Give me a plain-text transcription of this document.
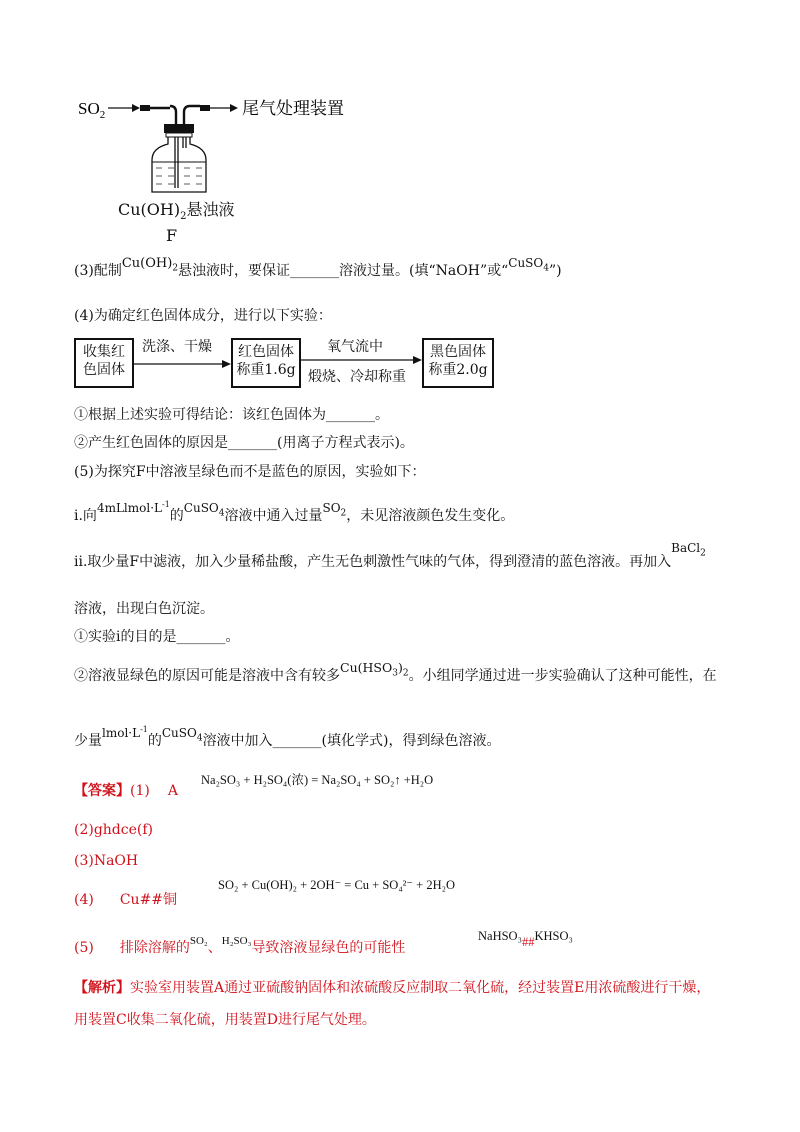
$SO_2$	尾气处理装置
$Cu(OH)_2$悬浊液
F
(3)配制$Cu(OH)_2$悬浊液时，要保证_______溶液过量。(填“NaOH”或“CuSO$_4$”)
(4)为确定红色固体成分，进行以下实验：
收集红
色固体
洗涤、干燥	红色固体
称重1.6g
氧气流中
煅烧、冷却称重
黑色固体
称重2.0g
①根据上述实验可得结论：该红色固体为_______。
②产生红色固体的原因是_______(用离子方程式表示)。
(5)为探究F中溶液呈绿色而不是蓝色的原因，实验如下：
ⅰ.向$4mLlmol\cdot L^{-1}$的CuSO$_4$溶液中通入过量$SO_2$，未见溶液颜色发生变化。
ⅱ.取少量F中滤液，加入少量稀盐酸，产生无色刺激性气味的气体，得到澄清的蓝色溶液。再加入BaCl$_2$
溶液，出现白色沉淀。
①实验ⅰ的目的是_______。
②溶液显绿色的原因可能是溶液中含有较多$Cu(HSO_3)_2$。小组同学通过进一步实验确认了这种可能性，在
少量$lmol\cdot L^{-1}$的CuSO$_4$溶液中加入_______(填化学式)，得到绿色溶液。
【答案】(1) A
Na₂SO₃ + H₂SO₄(浓) = Na₂SO₄ + SO₂↑ +H₂O
(2)ghdce(f)
(3)NaOH
(4) Cu##铜
SO₂ + Cu(OH)₂ + 2OH⁻ = Cu + SO₄²⁻ + 2H₂O
(5) 排除溶解的$^{SO_2}$、$^{H_2SO_3}$导致溶液显绿色的可能性
NaHSO₃##KHSO₃
【解析】实验室用装置A通过亚硫酸钠固体和浓硫酸反应制取二氧化硫，经过装置E用浓硫酸进行干燥，
用装置C收集二氧化硫，用装置D进行尾气处理。
